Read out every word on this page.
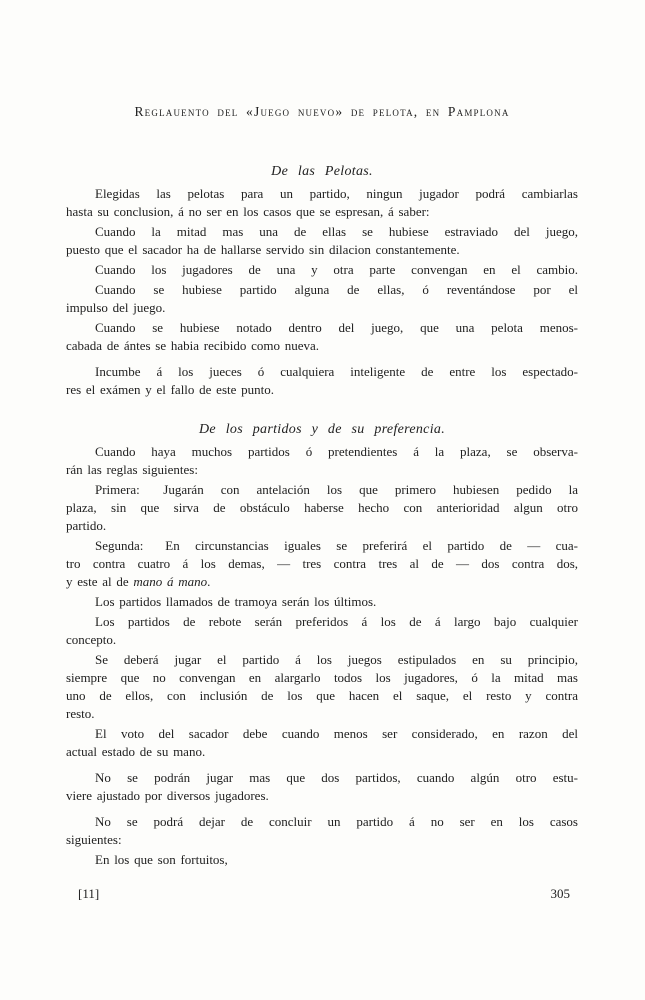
Reglauento del «Juego nuevo» de pelota, en Pamplona
De las Pelotas.
Elegidas las pelotas para un partido, ningun jugador podrá cambiarlas
hasta su conclusion, á no ser en los casos que se espresan, á saber:
Cuando la mitad mas una de ellas se hubiese estraviado del juego,
puesto que el sacador ha de hallarse servido sin dilacion constantemente.
Cuando los jugadores de una y otra parte convengan en el cambio.
Cuando se hubiese partido alguna de ellas, ó reventándose por el
impulso del juego.
Cuando se hubiese notado dentro del juego, que una pelota menos-
cabada de ántes se habia recibido como nueva.
Incumbe á los jueces ó cualquiera inteligente de entre los espectado-
res el exámen y el fallo de este punto.
De los partidos y de su preferencia.
Cuando haya muchos partidos ó pretendientes á la plaza, se observa-
rán las reglas siguientes:
Primera:  Jugarán con antelación los que primero hubiesen pedido la
plaza, sin que sirva de obstáculo haberse hecho con anterioridad algun otro
partido.
Segunda:  En circunstancias iguales se preferirá el partido de — cua-
tro contra cuatro á los demas, — tres contra tres al de — dos contra dos,
y este al de mano á mano.
Los partidos llamados de tramoya serán los últimos.
Los partidos de rebote serán preferidos á los de á largo bajo cualquier
concepto.
Se deberá jugar el partido á los juegos estipulados en su principio,
siempre que no convengan en alargarlo todos los jugadores, ó la mitad mas
uno de ellos, con inclusión de los que hacen el saque, el resto y contra
resto.
El voto del sacador debe cuando menos ser considerado, en razon del
actual estado de su mano.
No se podrán jugar mas que dos partidos, cuando algún otro estu-
viere ajustado por diversos jugadores.
No se podrá dejar de concluir un partido á no ser en los casos
siguientes:
En los que son fortuitos,
[11]	305
